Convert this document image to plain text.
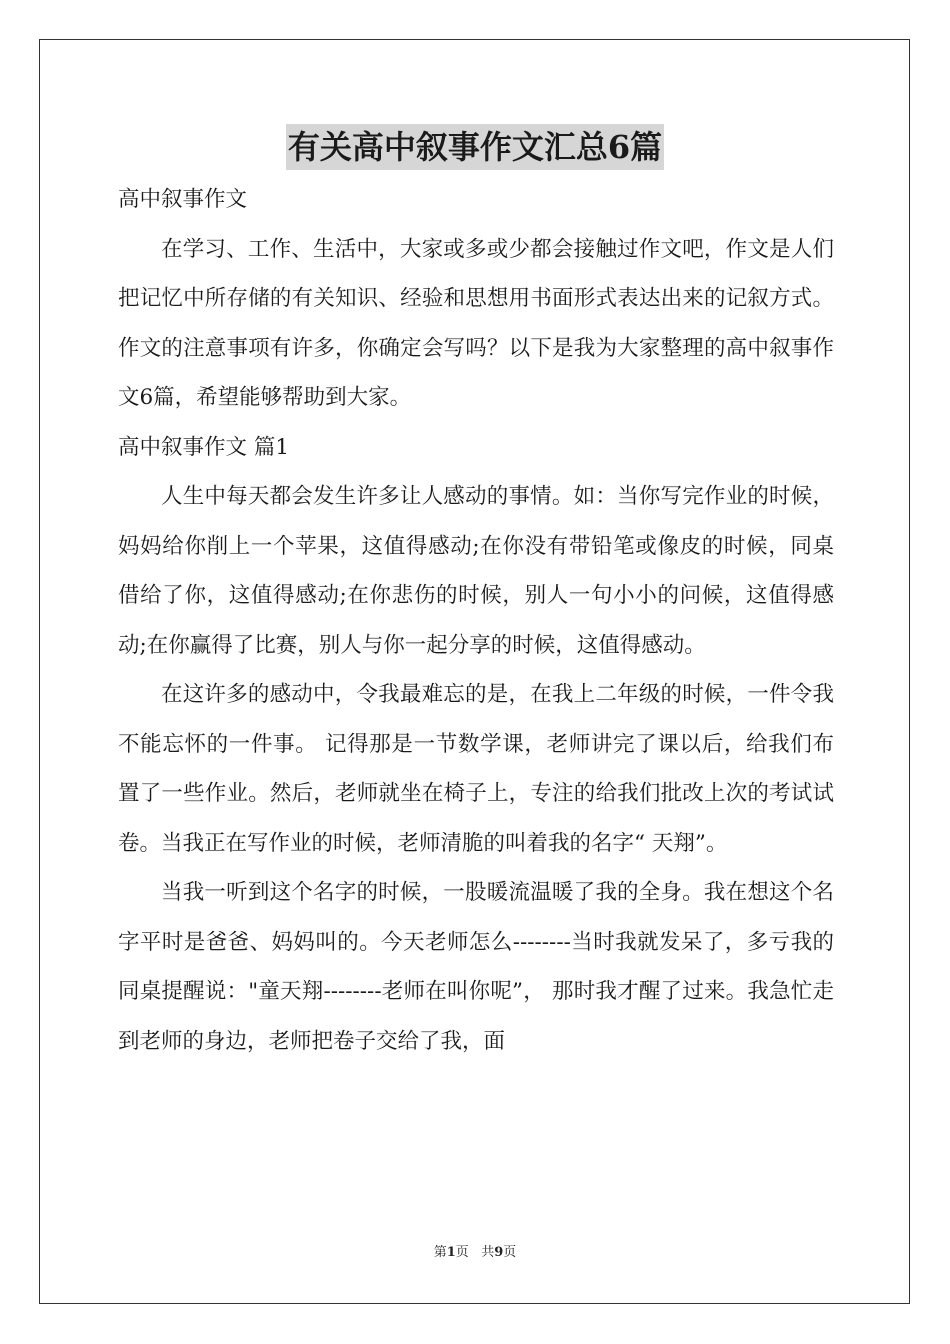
有关高中叙事作文汇总6篇

高中叙事作文

在学习、工作、生活中，大家或多或少都会接触过作文吧，作文是人们把记忆中所存储的有关知识、经验和思想用书面形式表达出来的记叙方式。作文的注意事项有许多，你确定会写吗？以下是我为大家整理的高中叙事作文6篇，希望能够帮助到大家。

高中叙事作文 篇1

人生中每天都会发生许多让人感动的事情。如：当你写完作业的时候，妈妈给你削上一个苹果，这值得感动;在你没有带铅笔或像皮的时候，同桌借给了你，这值得感动;在你悲伤的时候，别人一句小小的问候，这值得感动;在你赢得了比赛，别人与你一起分享的时候，这值得感动。

在这许多的感动中，令我最难忘的是，在我上二年级的时候，一件令我不能忘怀的一件事。 记得那是一节数学课，老师讲完了课以后，给我们布置了一些作业。然后，老师就坐在椅子上，专注的给我们批改上次的考试试卷。当我正在写作业的时候，老师清脆的叫着我的名字“ 天翔”。

当我一听到这个名字的时候，一股暖流温暖了我的全身。我在想这个名字平时是爸爸、妈妈叫的。今天老师怎么--------当时我就发呆了，多亏我的同桌提醒说："童天翔--------老师在叫你呢”， 那时我才醒了过来。我急忙走到老师的身边，老师把卷子交给了我，面

第1页 共9页
